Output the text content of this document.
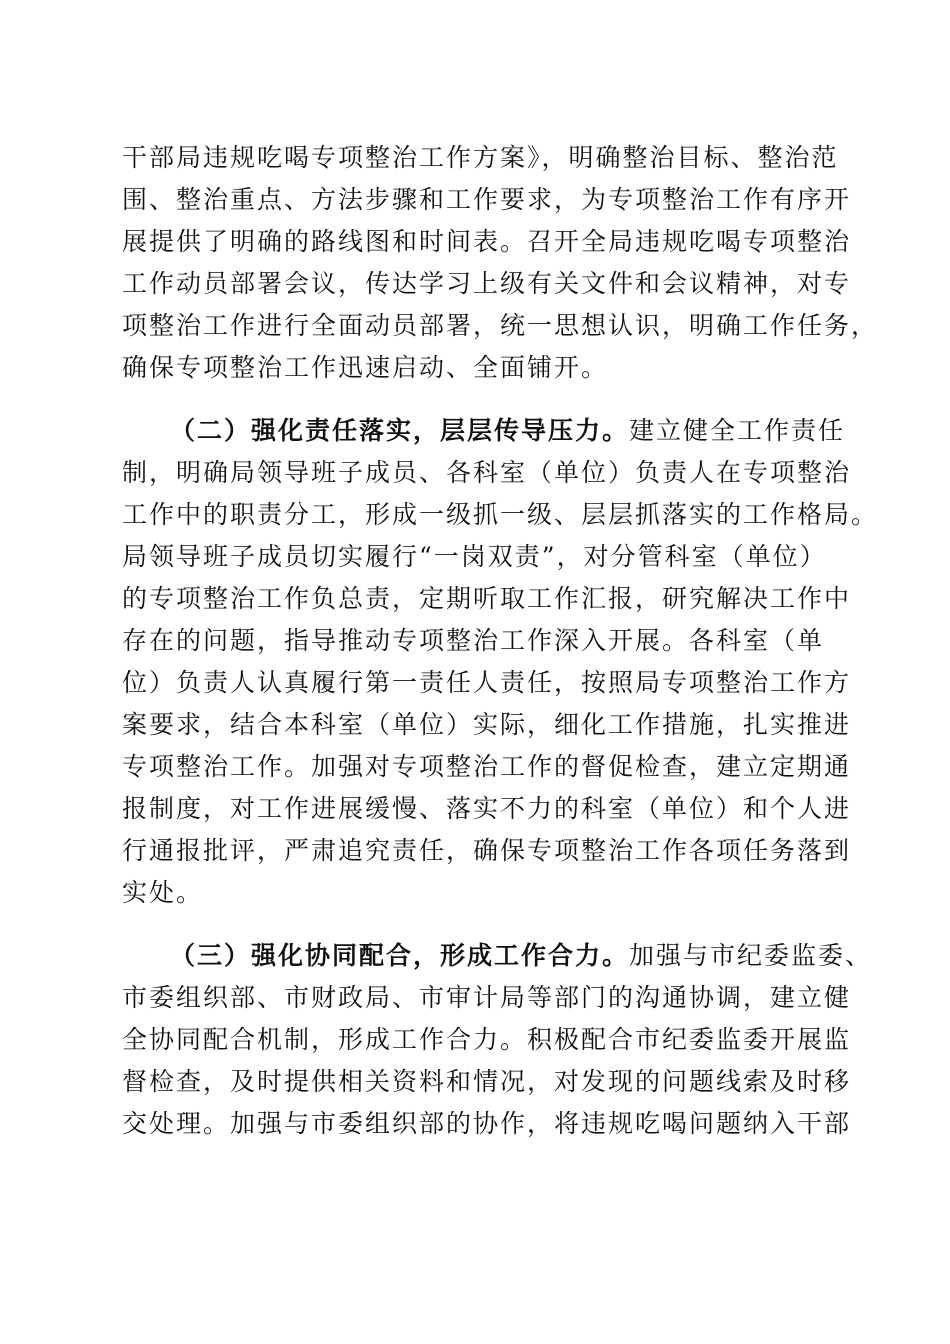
干部局违规吃喝专项整治工作方案》，明确整治目标、整治范
围、整治重点、方法步骤和工作要求，为专项整治工作有序开
展提供了明确的路线图和时间表。召开全局违规吃喝专项整治
工作动员部署会议，传达学习上级有关文件和会议精神，对专
项整治工作进行全面动员部署，统一思想认识，明确工作任务，
确保专项整治工作迅速启动、全面铺开。
（二）强化责任落实，层层传导压力。建立健全工作责任
制，明确局领导班子成员、各科室（单位）负责人在专项整治
工作中的职责分工，形成一级抓一级、层层抓落实的工作格局。
局领导班子成员切实履行“一岗双责”，对分管科室（单位）
的专项整治工作负总责，定期听取工作汇报，研究解决工作中
存在的问题，指导推动专项整治工作深入开展。各科室（单
位）负责人认真履行第一责任人责任，按照局专项整治工作方
案要求，结合本科室（单位）实际，细化工作措施，扎实推进
专项整治工作。加强对专项整治工作的督促检查，建立定期通
报制度，对工作进展缓慢、落实不力的科室（单位）和个人进
行通报批评，严肃追究责任，确保专项整治工作各项任务落到
实处。
（三）强化协同配合，形成工作合力。加强与市纪委监委、
市委组织部、市财政局、市审计局等部门的沟通协调，建立健
全协同配合机制，形成工作合力。积极配合市纪委监委开展监
督检查，及时提供相关资料和情况，对发现的问题线索及时移
交处理。加强与市委组织部的协作，将违规吃喝问题纳入干部
